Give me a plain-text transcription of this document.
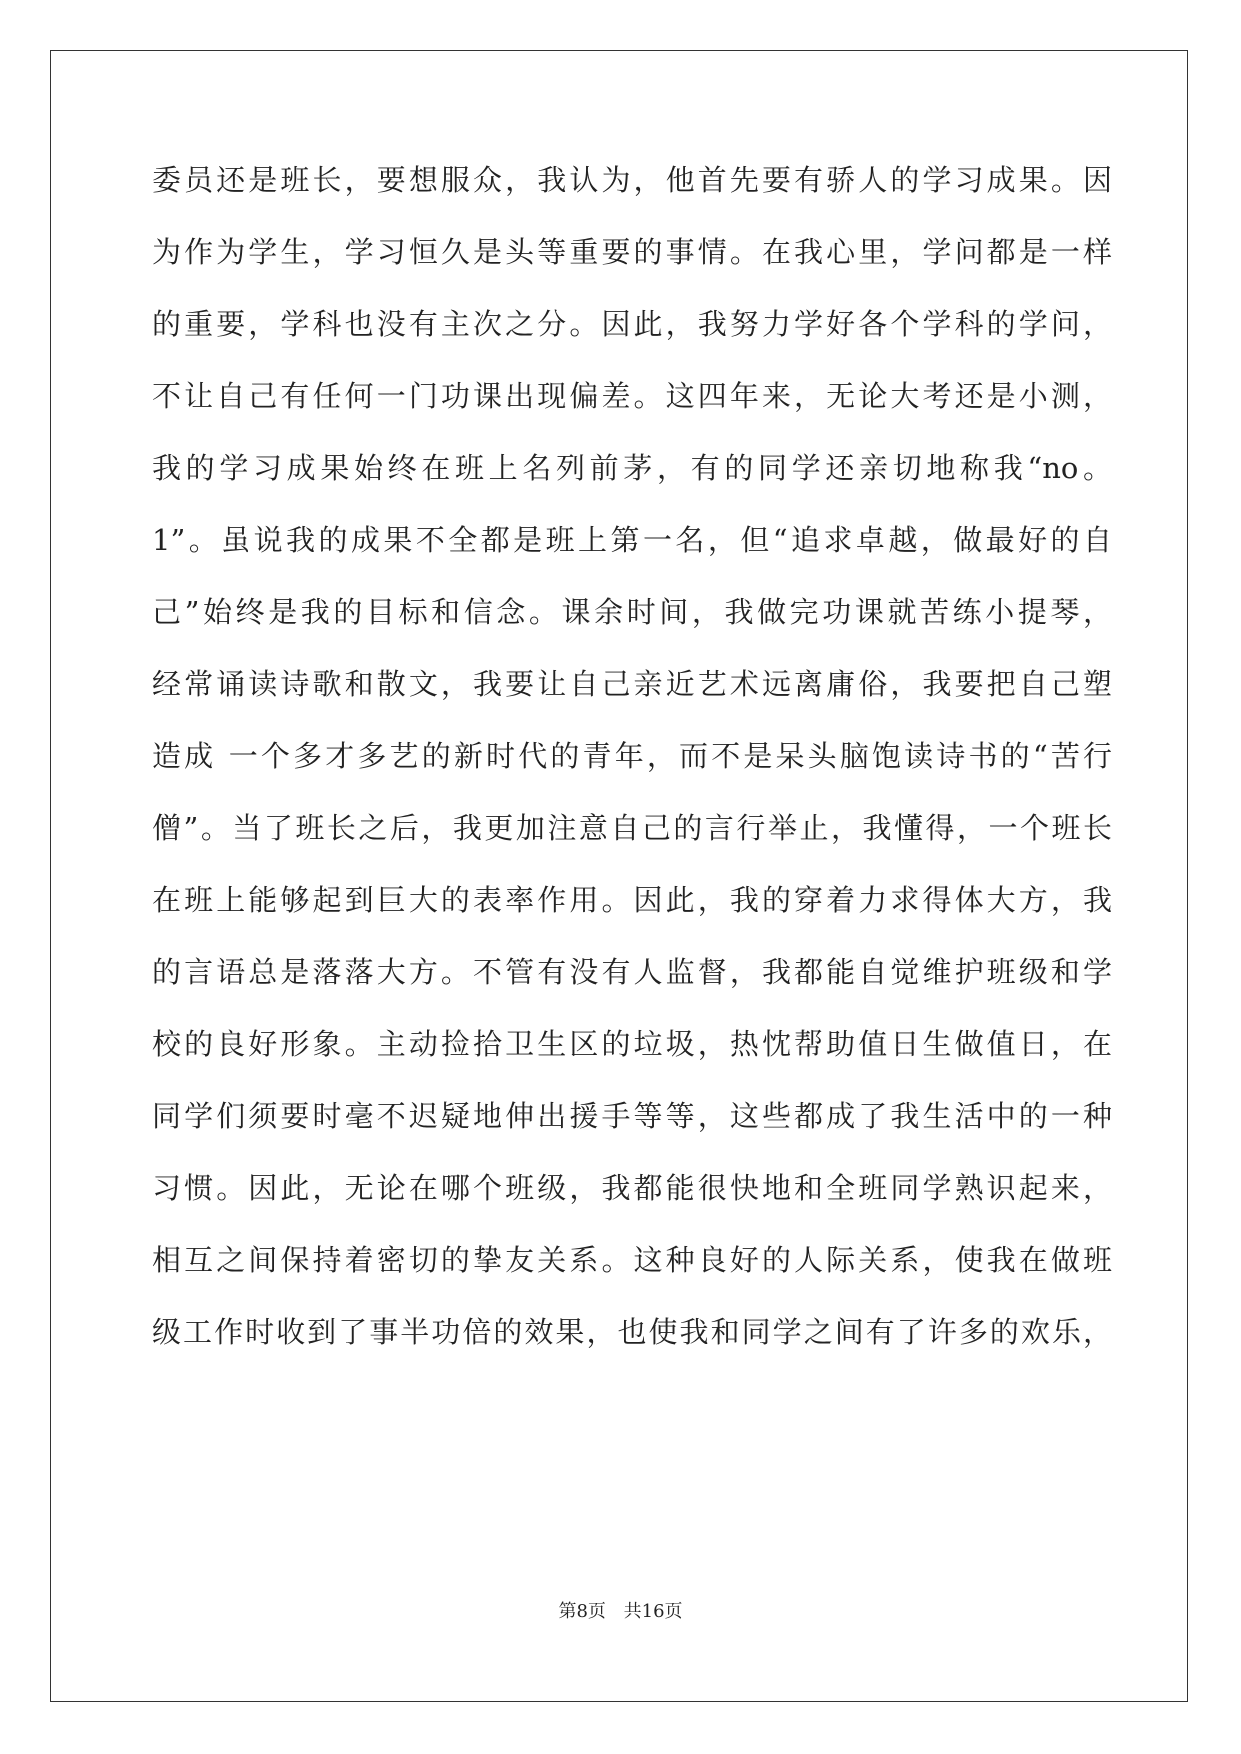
委员还是班长，要想服众，我认为，他首先要有骄人的学习成果。因
为作为学生，学习恒久是头等重要的事情。在我心里，学问都是一样
的重要，学科也没有主次之分。因此，我努力学好各个学科的学问，
不让自己有任何一门功课出现偏差。这四年来，无论大考还是小测，
我的学习成果始终在班上名列前茅，有的同学还亲切地称我“no。
1”。虽说我的成果不全都是班上第一名，但“追求卓越，做最好的自
己”始终是我的目标和信念。课余时间，我做完功课就苦练小提琴，
经常诵读诗歌和散文，我要让自己亲近艺术远离庸俗，我要把自己塑
造成 一个多才多艺的新时代的青年，而不是呆头脑饱读诗书的“苦行
僧”。当了班长之后，我更加注意自己的言行举止，我懂得，一个班长
在班上能够起到巨大的表率作用。因此，我的穿着力求得体大方，我
的言语总是落落大方。不管有没有人监督，我都能自觉维护班级和学
校的良好形象。主动捡拾卫生区的垃圾，热忱帮助值日生做值日，在
同学们须要时毫不迟疑地伸出援手等等，这些都成了我生活中的一种
习惯。因此，无论在哪个班级，我都能很快地和全班同学熟识起来，
相互之间保持着密切的挚友关系。这种良好的人际关系，使我在做班
级工作时收到了事半功倍的效果，也使我和同学之间有了许多的欢乐，
第8页 共16页
